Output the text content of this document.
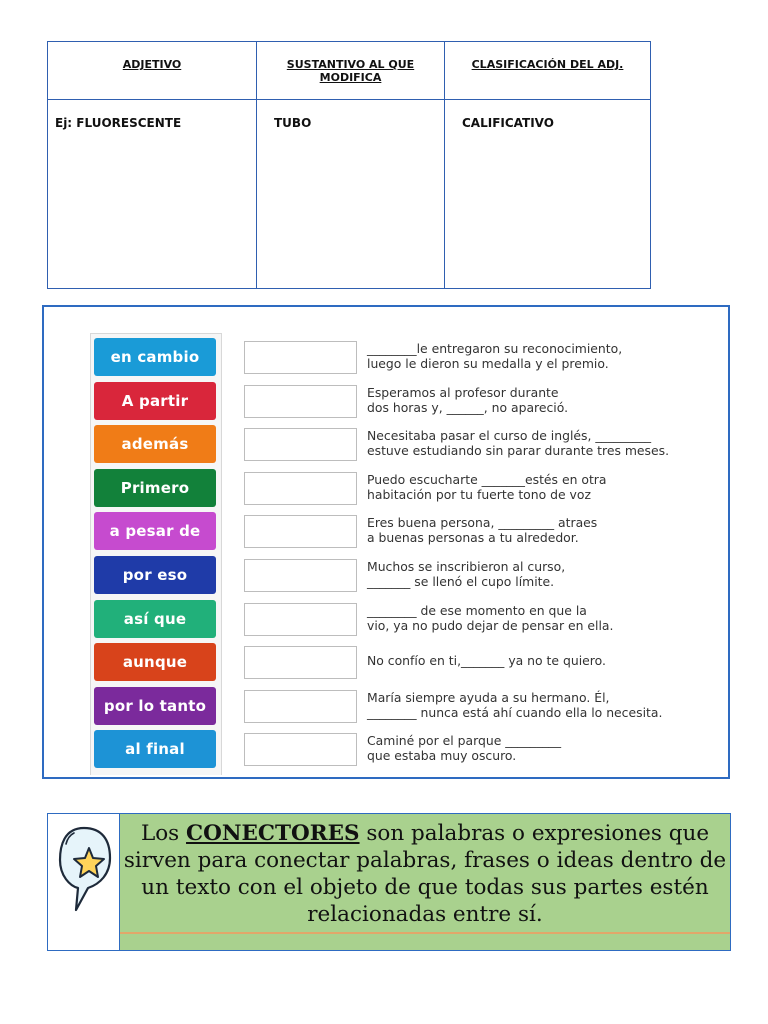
ADJETIVO	SUSTANTIVO AL QUE MODIFICA	CLASIFICACIÓN DEL ADJ.
Ej: FLUORESCENTE	TUBO	CALIFICATIVO
en cambio	________le entregaron su reconocimiento,
luego le dieron su medalla y el premio.
A partir	Esperamos al profesor durante
dos horas y, ______, no apareció.
además	Necesitaba pasar el curso de inglés, _________
estuve estudiando sin parar durante tres meses.
Primero	Puedo escucharte _______estés en otra
habitación por tu fuerte tono de voz
a pesar de	Eres buena persona, _________ atraes
a buenas personas a tu alrededor.
por eso	Muchos se inscribieron al curso,
_______ se llenó el cupo límite.
así que	________ de ese momento en que la
vio, ya no pudo dejar de pensar en ella.
aunque	No confío en ti,_______ ya no te quiero.
por lo tanto	María siempre ayuda a su hermano. Él,
________ nunca está ahí cuando ella lo necesita.
al final	Caminé por el parque _________
que estaba muy oscuro.
Los CONECTORES son palabras o expresiones que sirven para conectar palabras, frases o ideas dentro de un texto con el objeto de que todas sus partes estén relacionadas entre sí.
